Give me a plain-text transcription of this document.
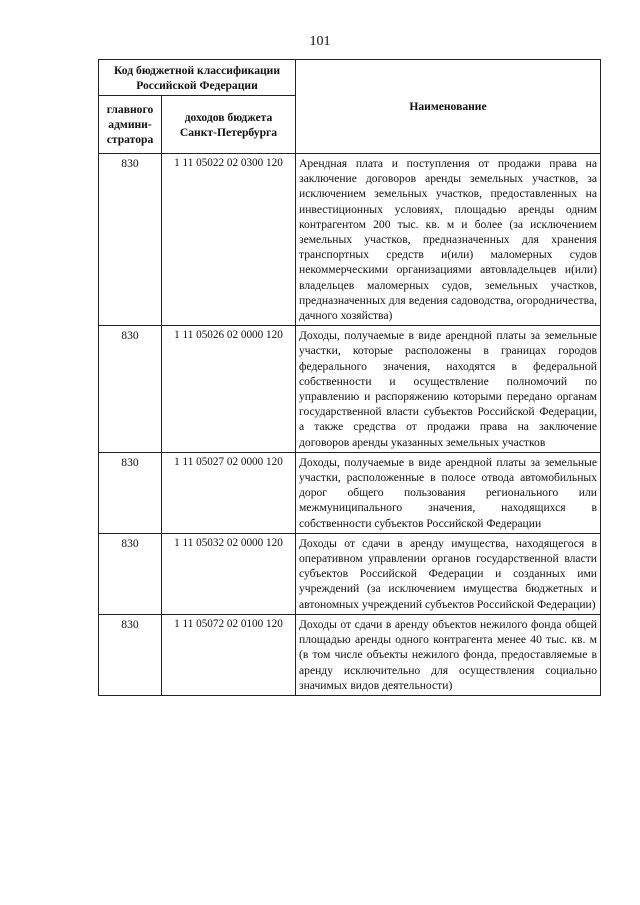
101
Код бюджетной классификации Российской Федерации		Наименование
главного админи-стратора	доходов бюджета Санкт-Петербурга	
830	1 11 05022 02 0300 120	Арендная плата и поступления от продажи права на заключение договоров аренды земельных участков, за исключением земельных участков, предоставленных на инвестиционных условиях, площадью аренды одним контрагентом 200 тыс. кв. м и более (за исключением земельных участков, предназначенных для хранения транспортных средств и(или) маломерных судов некоммерческими организациями автовладельцев и(или) владельцев маломерных судов, земельных участков, предназначенных для ведения садоводства, огородничества, дачного хозяйства)
830	1 11 05026 02 0000 120	Доходы, получаемые в виде арендной платы за земельные участки, которые расположены в границах городов федерального значения, находятся в федеральной собственности и осуществление полномочий по управлению и распоряжению которыми передано органам государственной власти субъектов Российской Федерации, а также средства от продажи права на заключение договоров аренды указанных земельных участков
830	1 11 05027 02 0000 120	Доходы, получаемые в виде арендной платы за земельные участки, расположенные в полосе отвода автомобильных дорог общего пользования регионального или межмуниципального значения, находящихся в собственности субъектов Российской Федерации
830	1 11 05032 02 0000 120	Доходы от сдачи в аренду имущества, находящегося в оперативном управлении органов государственной власти субъектов Российской Федерации и созданных ими учреждений (за исключением имущества бюджетных и автономных учреждений субъектов Российской Федерации)
830	1 11 05072 02 0100 120	Доходы от сдачи в аренду объектов нежилого фонда общей площадью аренды одного контрагента менее 40 тыс. кв. м (в том числе объекты нежилого фонда, предоставляемые в аренду исключительно для осуществления социально значимых видов деятельности)
